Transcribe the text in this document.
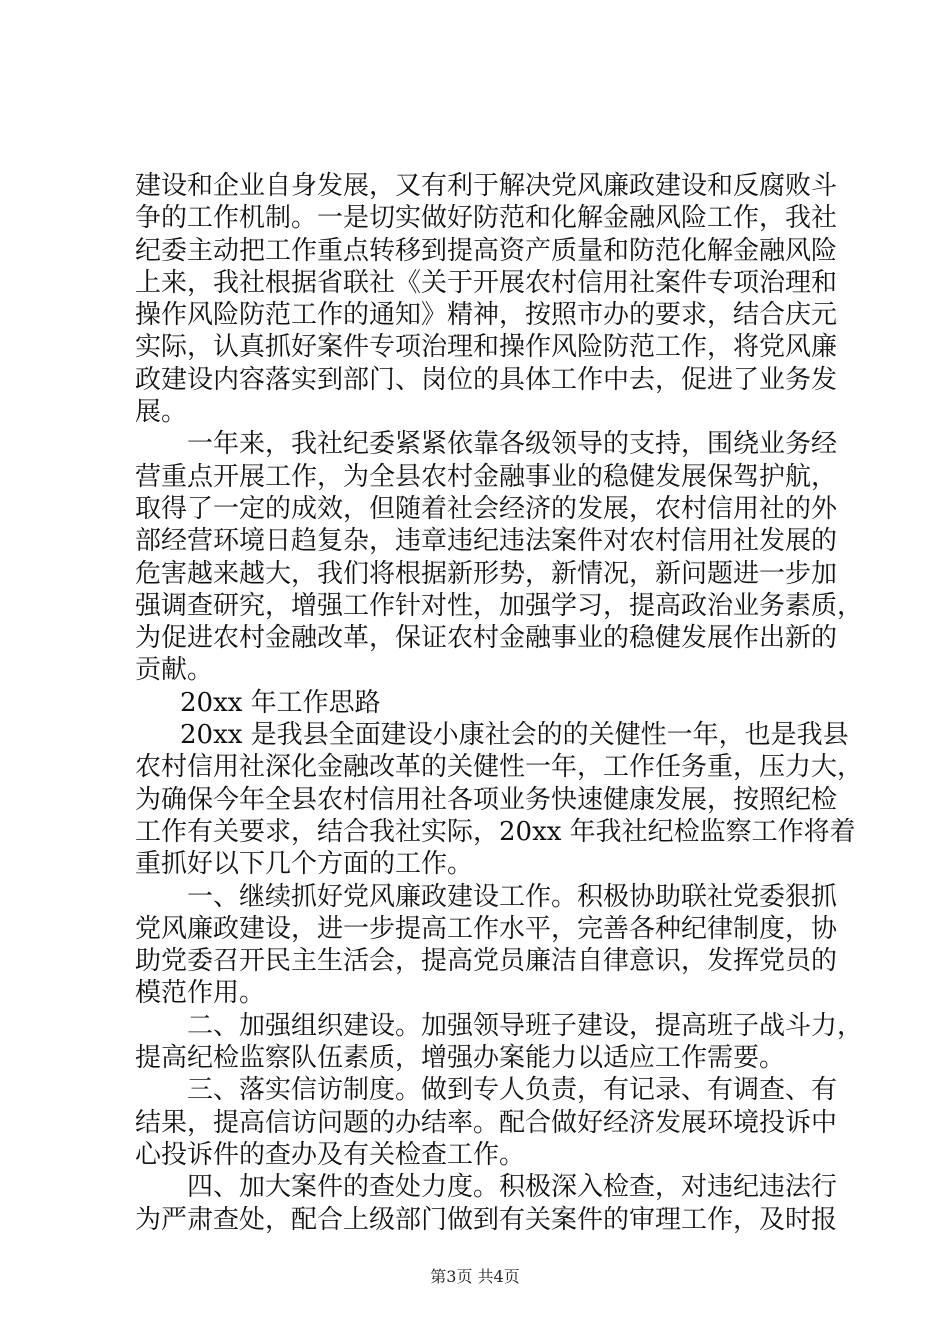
建设和企业自身发展，又有利于解决党风廉政建设和反腐败斗
争的工作机制。一是切实做好防范和化解金融风险工作，我社
纪委主动把工作重点转移到提高资产质量和防范化解金融风险
上来，我社根据省联社《关于开展农村信用社案件专项治理和
操作风险防范工作的通知》精神，按照市办的要求，结合庆元
实际，认真抓好案件专项治理和操作风险防范工作，将党风廉
政建设内容落实到部门、岗位的具体工作中去，促进了业务发
展。
一年来，我社纪委紧紧依靠各级领导的支持，围绕业务经
营重点开展工作，为全县农村金融事业的稳健发展保驾护航，
取得了一定的成效，但随着社会经济的发展，农村信用社的外
部经营环境日趋复杂，违章违纪违法案件对农村信用社发展的
危害越来越大，我们将根据新形势，新情况，新问题进一步加
强调查研究，增强工作针对性，加强学习，提高政治业务素质，
为促进农村金融改革，保证农村金融事业的稳健发展作出新的
贡献。
20xx 年工作思路
20xx 是我县全面建设小康社会的的关健性一年，也是我县
农村信用社深化金融改革的关健性一年，工作任务重，压力大，
为确保今年全县农村信用社各项业务快速健康发展，按照纪检
工作有关要求，结合我社实际，20xx 年我社纪检监察工作将着
重抓好以下几个方面的工作。
一、继续抓好党风廉政建设工作。积极协助联社党委狠抓
党风廉政建设，进一步提高工作水平，完善各种纪律制度，协
助党委召开民主生活会，提高党员廉洁自律意识，发挥党员的
模范作用。
二、加强组织建设。加强领导班子建设，提高班子战斗力，
提高纪检监察队伍素质，增强办案能力以适应工作需要。
三、落实信访制度。做到专人负责，有记录、有调查、有
结果，提高信访问题的办结率。配合做好经济发展环境投诉中
心投诉件的查办及有关检查工作。
四、加大案件的查处力度。积极深入检查，对违纪违法行
为严肃查处，配合上级部门做到有关案件的审理工作，及时报
第3页 共4页
